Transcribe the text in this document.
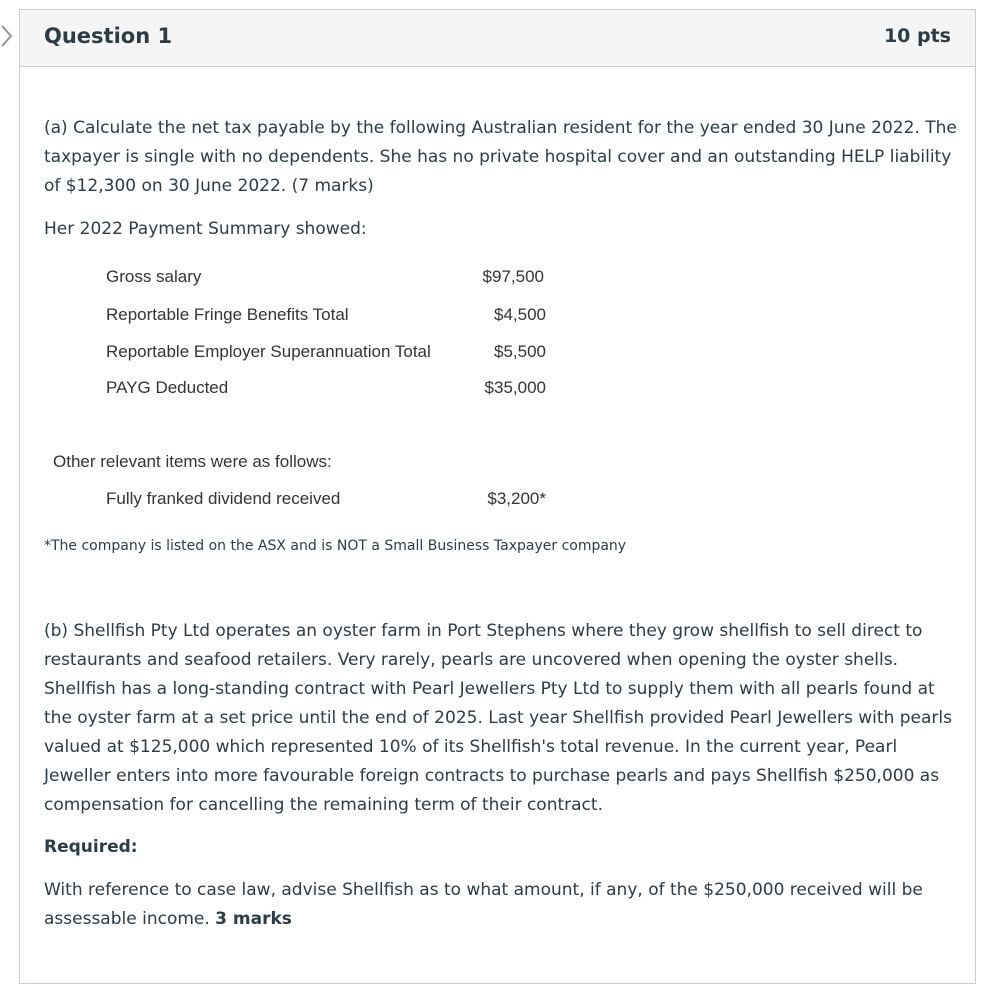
Question 1	10 pts
(a) Calculate the net tax payable by the following Australian resident for the year ended 30 June 2022. The
taxpayer is single with no dependents. She has no private hospital cover and an outstanding HELP liability
of $12,300 on 30 June 2022. (7 marks)
Her 2022 Payment Summary showed:
Gross salary	$97,500
Reportable Fringe Benefits Total	$4,500
Reportable Employer Superannuation Total	$5,500
PAYG Deducted	$35,000
Other relevant items were as follows:
Fully franked dividend received	$3,200*
*The company is listed on the ASX and is NOT a Small Business Taxpayer company
(b) Shellfish Pty Ltd operates an oyster farm in Port Stephens where they grow shellfish to sell direct to
restaurants and seafood retailers. Very rarely, pearls are uncovered when opening the oyster shells.
Shellfish has a long-standing contract with Pearl Jewellers Pty Ltd to supply them with all pearls found at
the oyster farm at a set price until the end of 2025. Last year Shellfish provided Pearl Jewellers with pearls
valued at $125,000 which represented 10% of its Shellfish's total revenue. In the current year, Pearl
Jeweller enters into more favourable foreign contracts to purchase pearls and pays Shellfish $250,000 as
compensation for cancelling the remaining term of their contract.
Required:
With reference to case law, advise Shellfish as to what amount, if any, of the $250,000 received will be
assessable income. 3 marks
